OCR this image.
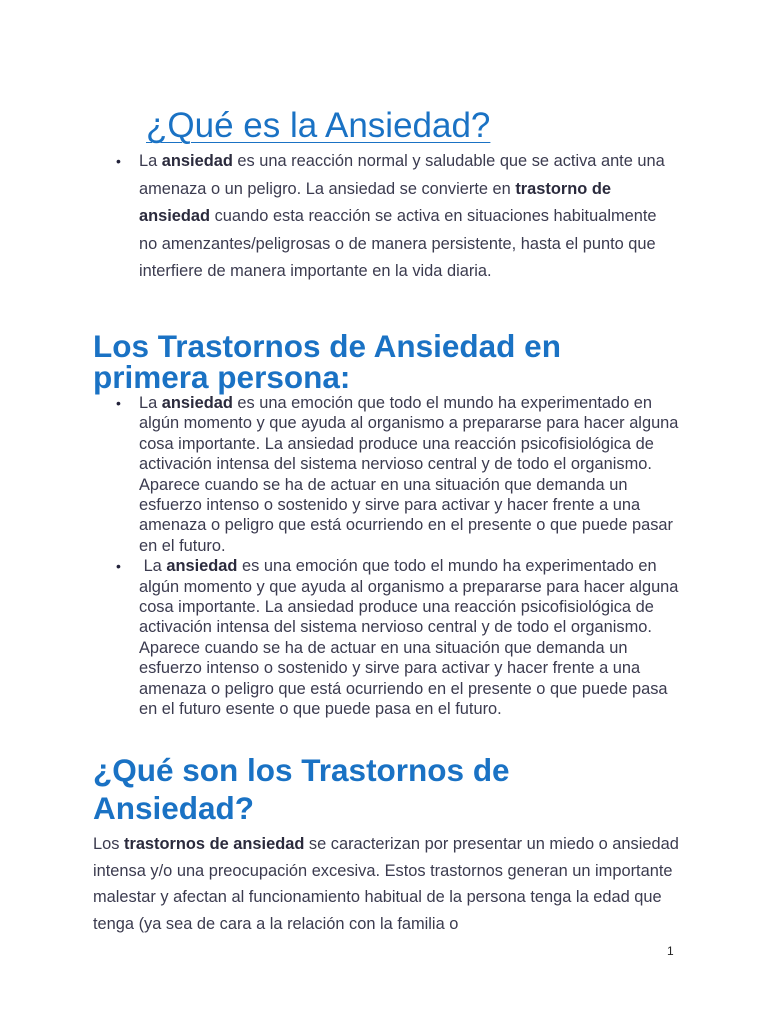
¿Qué es la Ansiedad?
• La ansiedad es una reacción normal y saludable que se activa ante una amenaza o un peligro. La ansiedad se convierte en trastorno de ansiedad cuando esta reacción se activa en situaciones habitualmente no amenzantes/peligrosas o de manera persistente, hasta el punto que interfiere de manera importante en la vida diaria.
Los Trastornos de Ansiedad en primera persona:
• La ansiedad es una emoción que todo el mundo ha experimentado en algún momento y que ayuda al organismo a prepararse para hacer alguna cosa importante. La ansiedad produce una reacción psicofisiológica de activación intensa del sistema nervioso central y de todo el organismo. Aparece cuando se ha de actuar en una situación que demanda un esfuerzo intenso o sostenido y sirve para activar y hacer frente a una amenaza o peligro que está ocurriendo en el presente o que puede pasar en el futuro.
• La ansiedad es una emoción que todo el mundo ha experimentado en algún momento y que ayuda al organismo a prepararse para hacer alguna cosa importante. La ansiedad produce una reacción psicofisiológica de activación intensa del sistema nervioso central y de todo el organismo. Aparece cuando se ha de actuar en una situación que demanda un esfuerzo intenso o sostenido y sirve para activar y hacer frente a una amenaza o peligro que está ocurriendo en el presente o que puede pasa en el futuro esente o que puede pasa en el futuro.
¿Qué son los Trastornos de Ansiedad?

Los trastornos de ansiedad se caracterizan por presentar un miedo o ansiedad intensa y/o una preocupación excesiva. Estos trastornos generan un importante malestar y afectan al funcionamiento habitual de la persona tenga la edad que tenga (ya sea de cara a la relación con la familia o

1
